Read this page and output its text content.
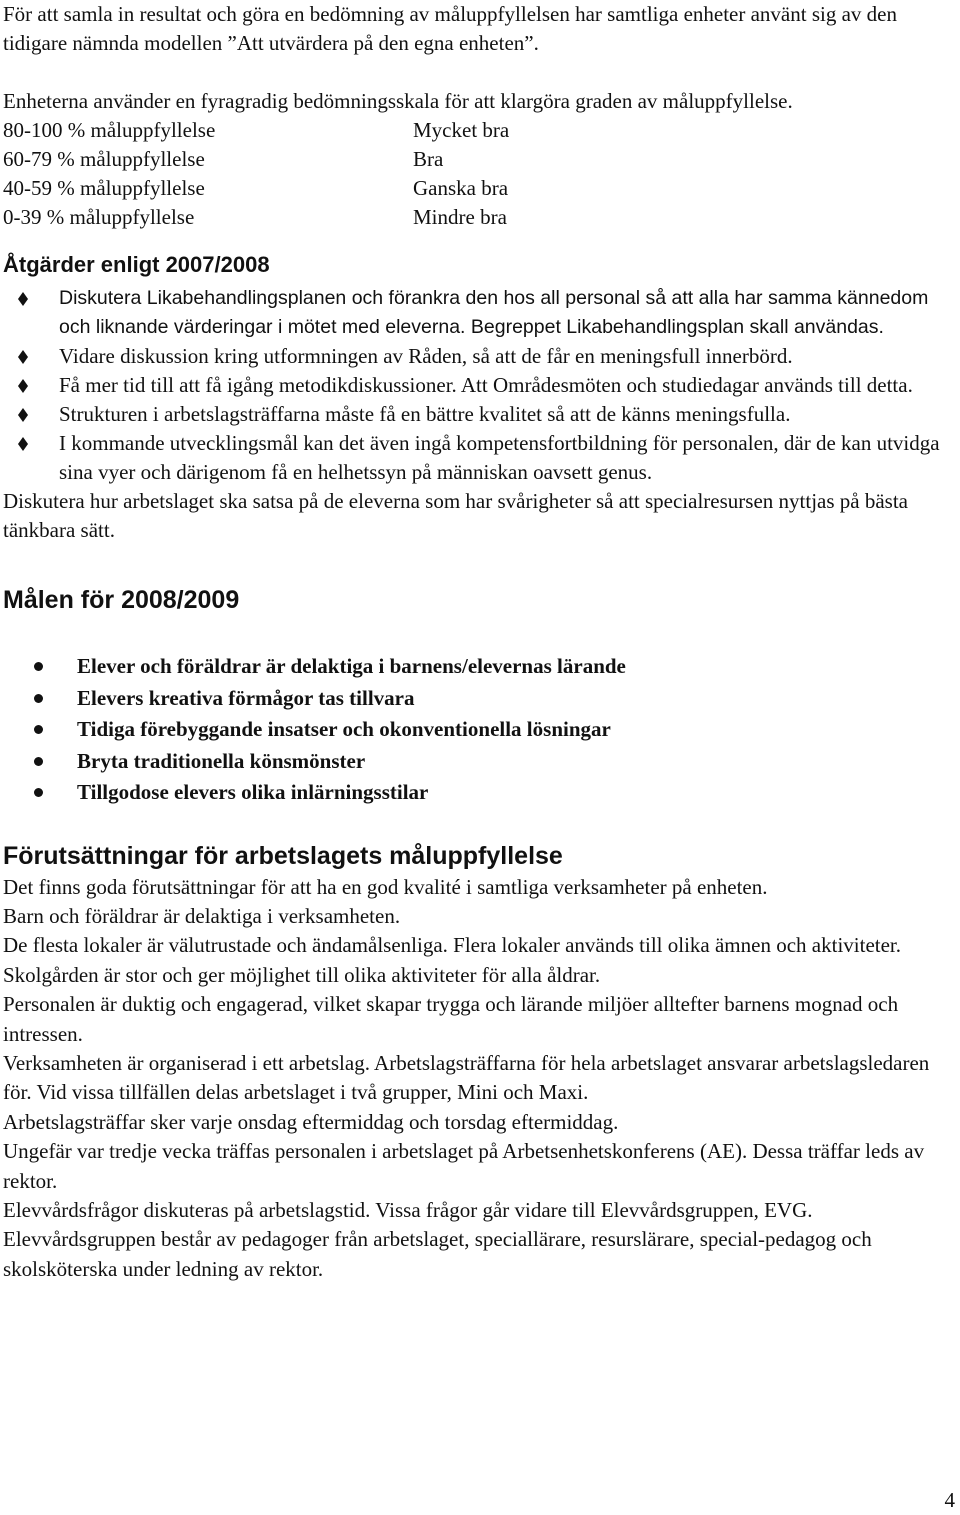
För att samla in resultat och göra en bedömning av måluppfyllelsen har samtliga enheter använt sig av den tidigare nämnda modellen ”Att utvärdera på den egna enheten”.

Enheterna använder en fyragradig bedömningsskala för att klargöra graden av måluppfyllelse.

80-100 % måluppfyllelse	Mycket bra
60-79 % måluppfyllelse	Bra
40-59 % måluppfyllelse	Ganska bra
0-39 % måluppfyllelse	Mindre bra
Åtgärder enligt 2007/2008
Diskutera Likabehandlingsplanen och förankra den hos all personal så att alla har samma kännedom och liknande värderingar i mötet med eleverna. Begreppet Likabehandlingsplan skall användas.
Vidare diskussion kring utformningen av Råden, så att de får en meningsfull innerbörd.
Få mer tid till att få igång metodikdiskussioner. Att Områdesmöten och studiedagar används till detta.
Strukturen i arbetslagsträffarna måste få en bättre kvalitet så att de känns meningsfulla.
I kommande utvecklingsmål kan det även ingå kompetensfortbildning för personalen, där de kan utvidga sina vyer och därigenom få en helhetssyn på människan oavsett genus.

Diskutera hur arbetslaget ska satsa på de eleverna som har svårigheter så att specialresursen nyttjas på bästa tänkbara sätt.

Målen för 2008/2009
Elever och föräldrar är delaktiga i barnens/elevernas lärande
Elevers kreativa förmågor tas tillvara
Tidiga förebyggande insatser och okonventionella lösningar
Bryta traditionella könsmönster
Tillgodose elevers olika inlärningsstilar
Förutsättningar för arbetslagets måluppfyllelse

Det finns goda förutsättningar för att ha en god kvalité i samtliga verksamheter på enheten.

Barn och föräldrar är delaktiga i verksamheten.

De flesta lokaler är välutrustade och ändamålsenliga. Flera lokaler används till olika ämnen och aktiviteter. Skolgården är stor och ger möjlighet till olika aktiviteter för alla åldrar.

Personalen är duktig och engagerad, vilket skapar trygga och lärande miljöer alltefter barnens mognad och intressen.

Verksamheten är organiserad i ett arbetslag. Arbetslagsträffarna för hela arbetslaget ansvarar arbetslagsledaren för. Vid vissa tillfällen delas arbetslaget i två grupper, Mini och Maxi.

Arbetslagsträffar sker varje onsdag eftermiddag och torsdag eftermiddag.

Ungefär var tredje vecka träffas personalen i arbetslaget på Arbetsenhetskonferens (AE). Dessa träffar leds av rektor.

Elevvårdsfrågor diskuteras på arbetslagstid. Vissa frågor går vidare till Elevvårdsgruppen, EVG.

Elevvårdsgruppen består av pedagoger från arbetslaget, speciallärare, resurslärare, special-pedagog och skolsköterska under ledning av rektor.

4
